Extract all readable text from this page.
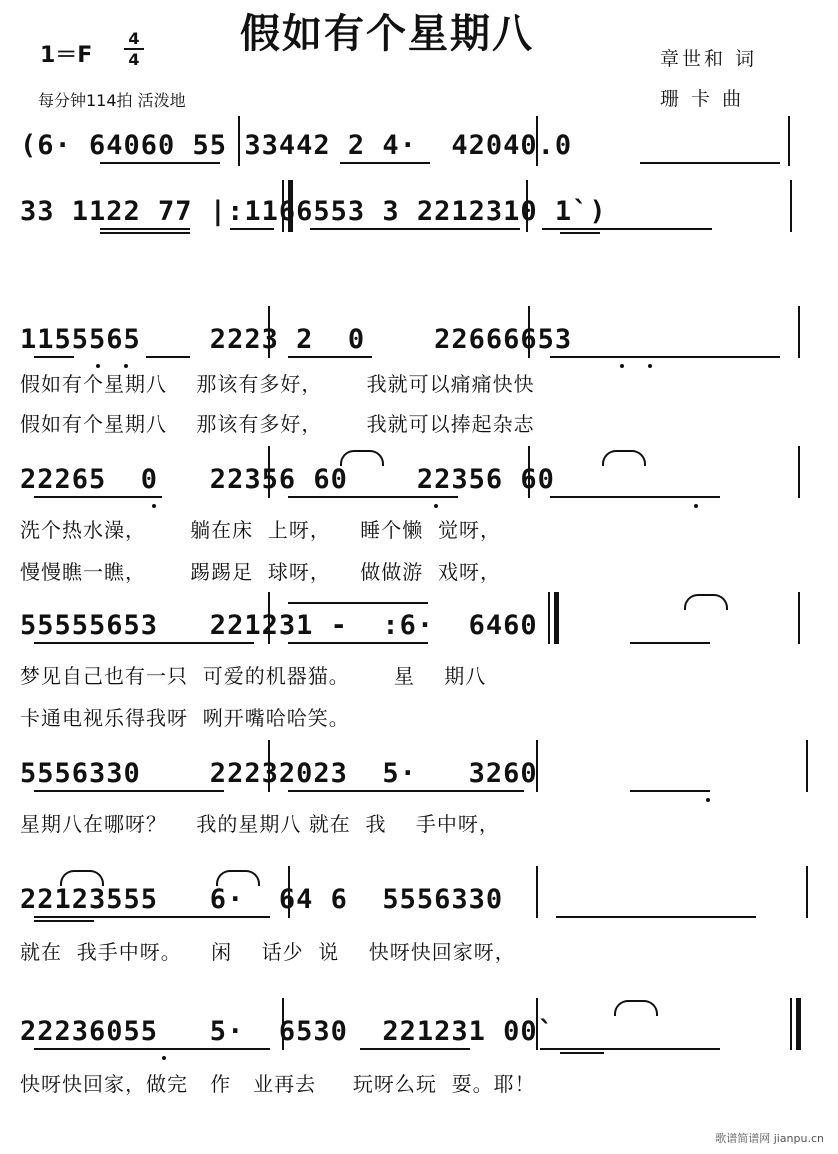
假如有个星期八
1＝F
4
4
每分钟114拍 活泼地
章世和 词
珊 卡 曲
(6· 64060 55 33442 2 4·  42040.0
33 1122 77 |:1166553 3 2212310 1`)
1155565    2223 2  0    22666653
假如有个星期八    那该有多好，      我就可以痛痛快快
假如有个星期八    那该有多好，      我就可以捧起杂志
22265  0   22356 60    22356 60
洗个热水澡，      躺在床  上呀，    睡个懒  觉呀，
慢慢瞧一瞧，      踢踢足  球呀，    做做游  戏呀，
55555653   221231 -  :6·  6460
梦见自己也有一只  可爱的机器猫。      星    期八
卡通电视乐得我呀  咧开嘴哈哈笑。
5556330    22232023  5·   3260
星期八在哪呀？    我的星期八 就在  我    手中呀，
22123555   6·  64 6  5556330
就在  我手中呀。    闲    话少  说    快呀快回家呀，
22236055   5·  6530  221231 00`
快呀快回家，做完   作   业再去     玩呀么玩  耍。耶！
歌谱简谱网 jianpu.cn
